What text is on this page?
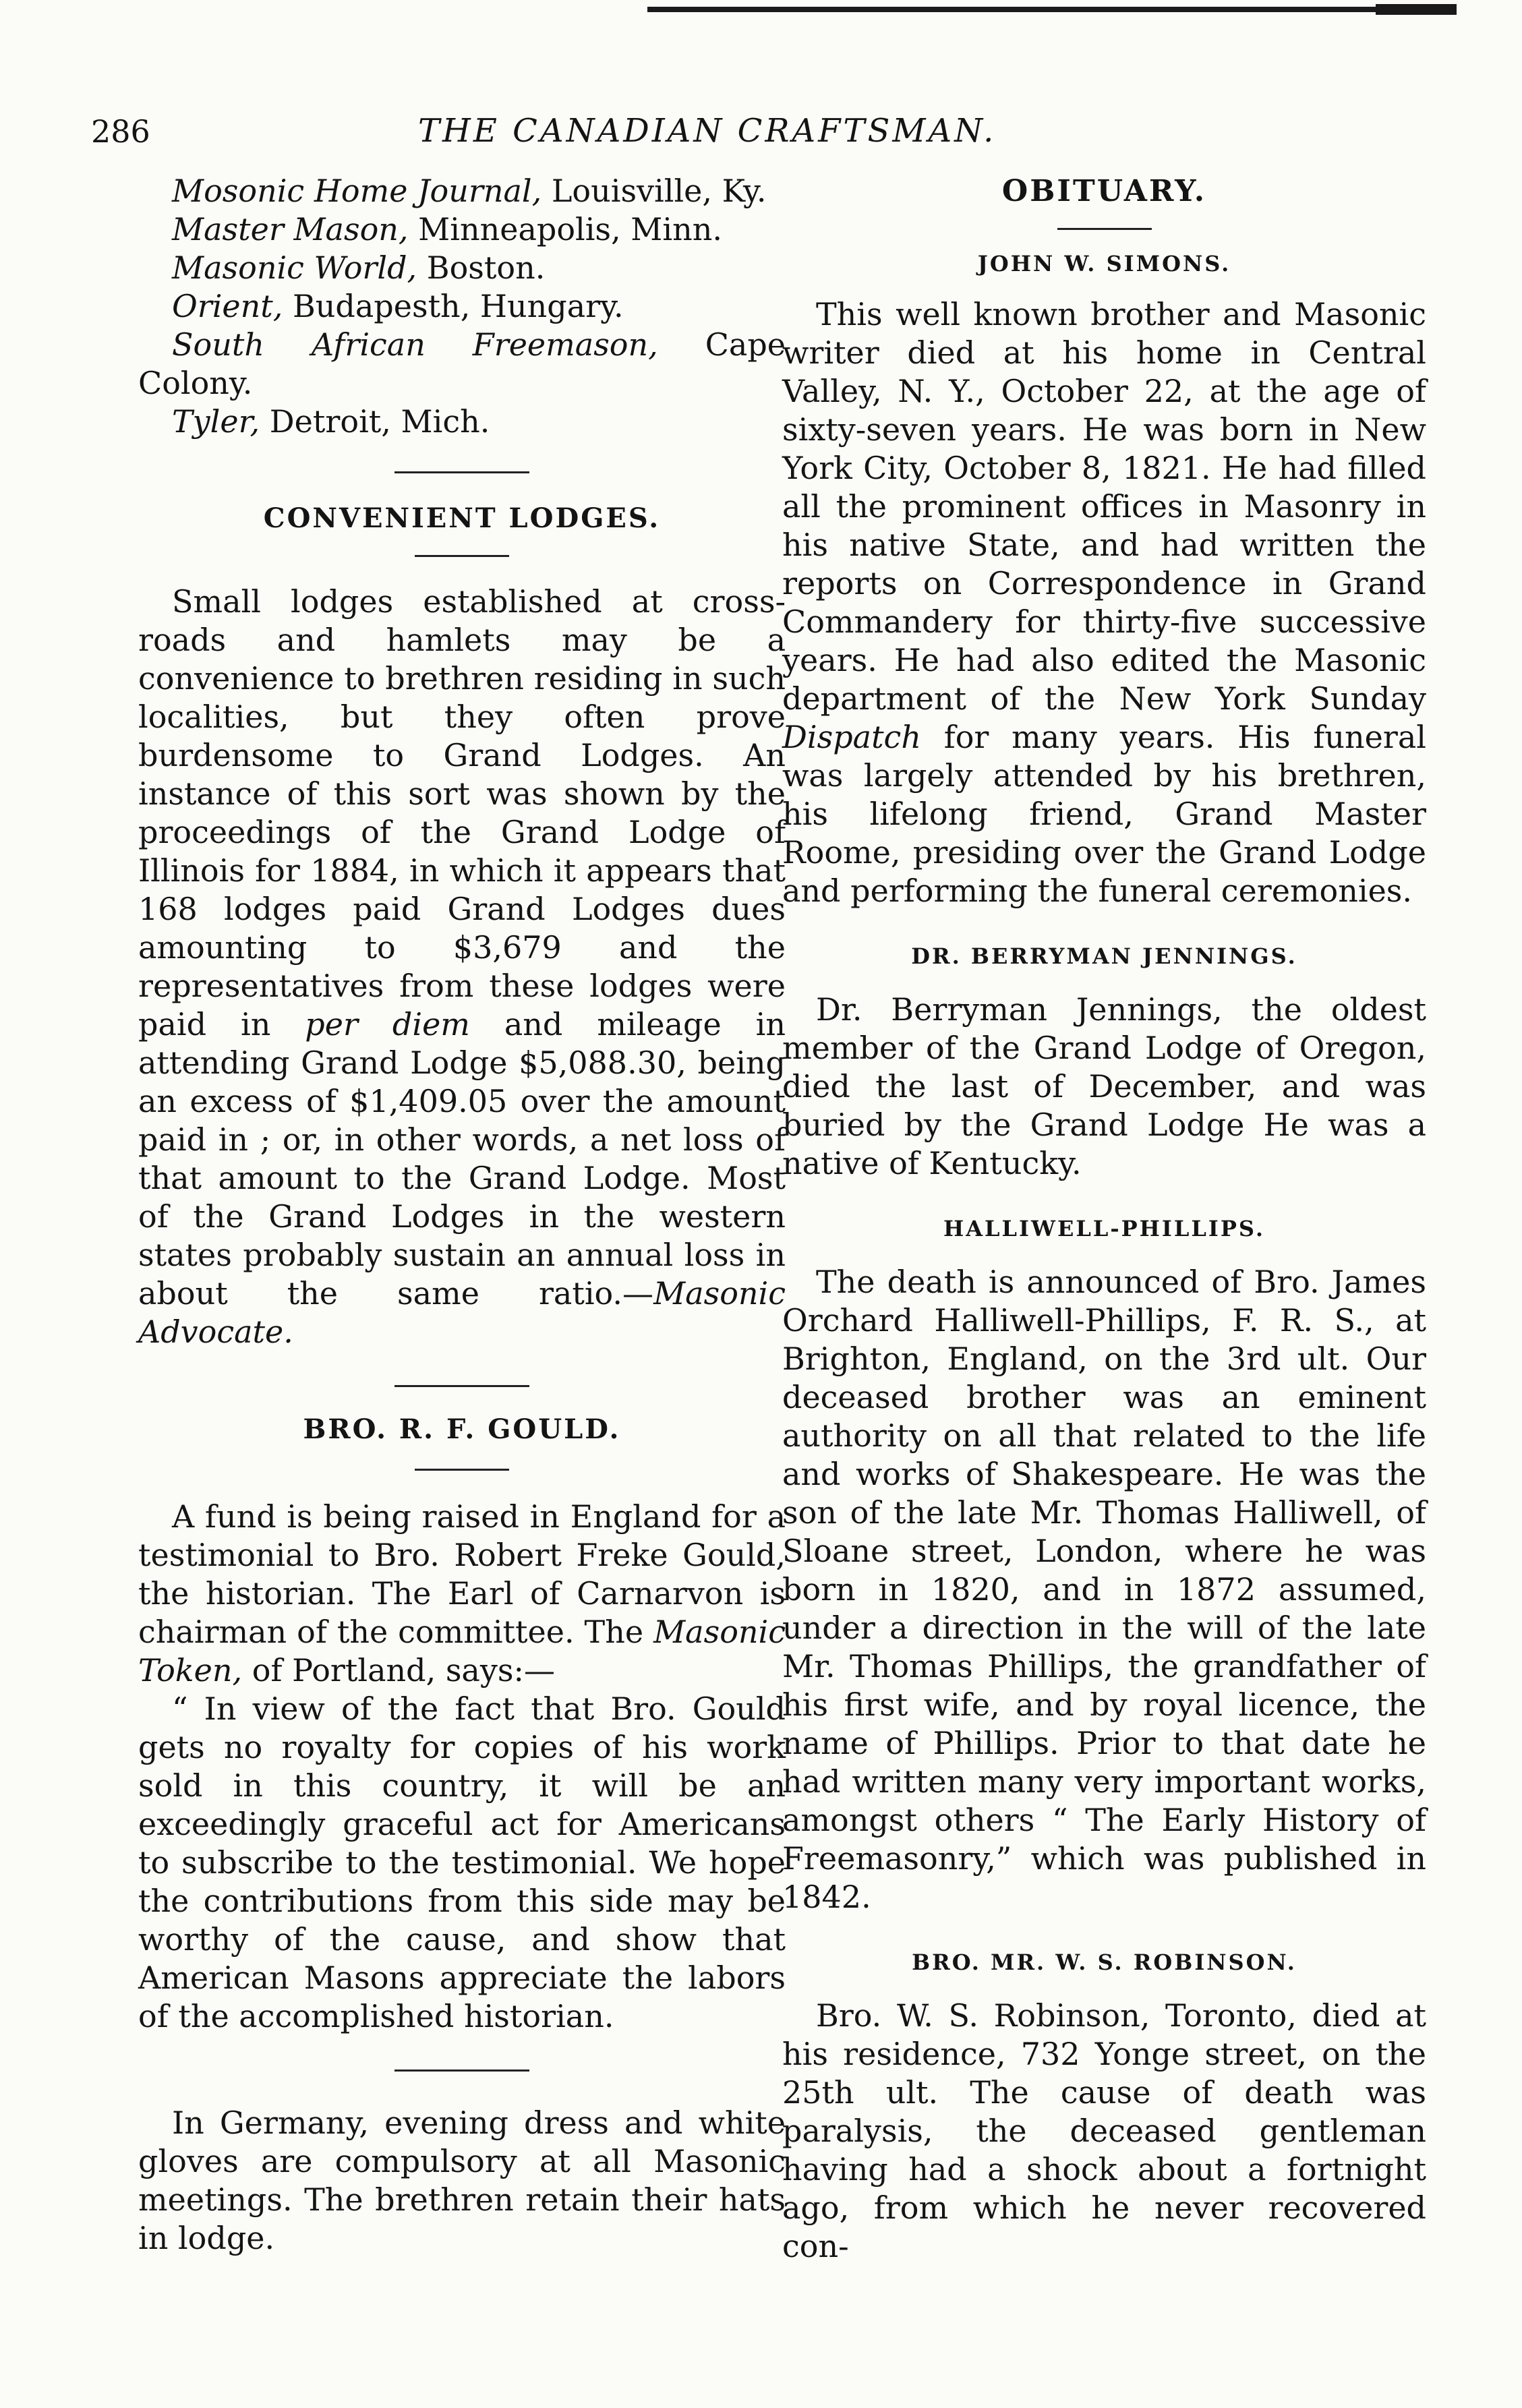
286	THE CANADIAN CRAFTSMAN.

Mosonic Home Journal, Louisville, Ky.

Master Mason, Minneapolis, Minn.

Masonic World, Boston.

Orient, Budapesth, Hungary.

South African Freemason, Cape Colony.

Tyler, Detroit, Mich.

CONVENIENT LODGES.

Small lodges established at cross-roads and hamlets may be a convenience to brethren residing in such localities, but they often prove burdensome to Grand Lodges. An instance of this sort was shown by the proceedings of the Grand Lodge of Illinois for 1884, in which it appears that 168 lodges paid Grand Lodges dues amounting to $3,679 and the representatives from these lodges were paid in per diem and mileage in attending Grand Lodge $5,088.30, being an excess of $1,409.05 over the amount paid in ; or, in other words, a net loss of that amount to the Grand Lodge. Most of the Grand Lodges in the western states probably sustain an annual loss in about the same ratio.—Masonic Advocate.

BRO. R. F. GOULD.

A fund is being raised in England for a testimonial to Bro. Robert Freke Gould, the historian. The Earl of Carnarvon is chairman of the committee. The Masonic Token, of Portland, says:—

“ In view of the fact that Bro. Gould gets no royalty for copies of his work sold in this country, it will be an exceedingly graceful act for Americans to subscribe to the testimonial. We hope the contributions from this side may be worthy of the cause, and show that American Masons appreciate the labors of the accomplished historian.

In Germany, evening dress and white gloves are compulsory at all Masonic meetings. The brethren retain their hats in lodge.

OBITUARY.
JOHN W. SIMONS.

This well known brother and Masonic writer died at his home in Central Valley, N. Y., October 22, at the age of sixty-seven years. He was born in New York City, October 8, 1821. He had filled all the prominent offices in Masonry in his native State, and had written the reports on Correspondence in Grand Commandery for thirty-five successive years. He had also edited the Masonic department of the New York Sunday Dispatch for many years. His funeral was largely attended by his brethren, his lifelong friend, Grand Master Roome, presiding over the Grand Lodge and performing the funeral ceremonies.

DR. BERRYMAN JENNINGS.

Dr. Berryman Jennings, the oldest member of the Grand Lodge of Oregon, died the last of December, and was buried by the Grand Lodge He was a native of Kentucky.

HALLIWELL-PHILLIPS.

The death is announced of Bro. James Orchard Halliwell-Phillips, F. R. S., at Brighton, England, on the 3rd ult. Our deceased brother was an eminent authority on all that related to the life and works of Shakespeare. He was the son of the late Mr. Thomas Halliwell, of Sloane street, London, where he was born in 1820, and in 1872 assumed, under a direction in the will of the late Mr. Thomas Phillips, the grandfather of his first wife, and by royal licence, the name of Phillips. Prior to that date he had written many very important works, amongst others “ The Early History of Freemasonry,” which was published in 1842.

BRO. MR. W. S. ROBINSON.

Bro. W. S. Robinson, Toronto, died at his residence, 732 Yonge street, on the 25th ult. The cause of death was paralysis, the deceased gentleman having had a shock about a fortnight ago, from which he never recovered con-
